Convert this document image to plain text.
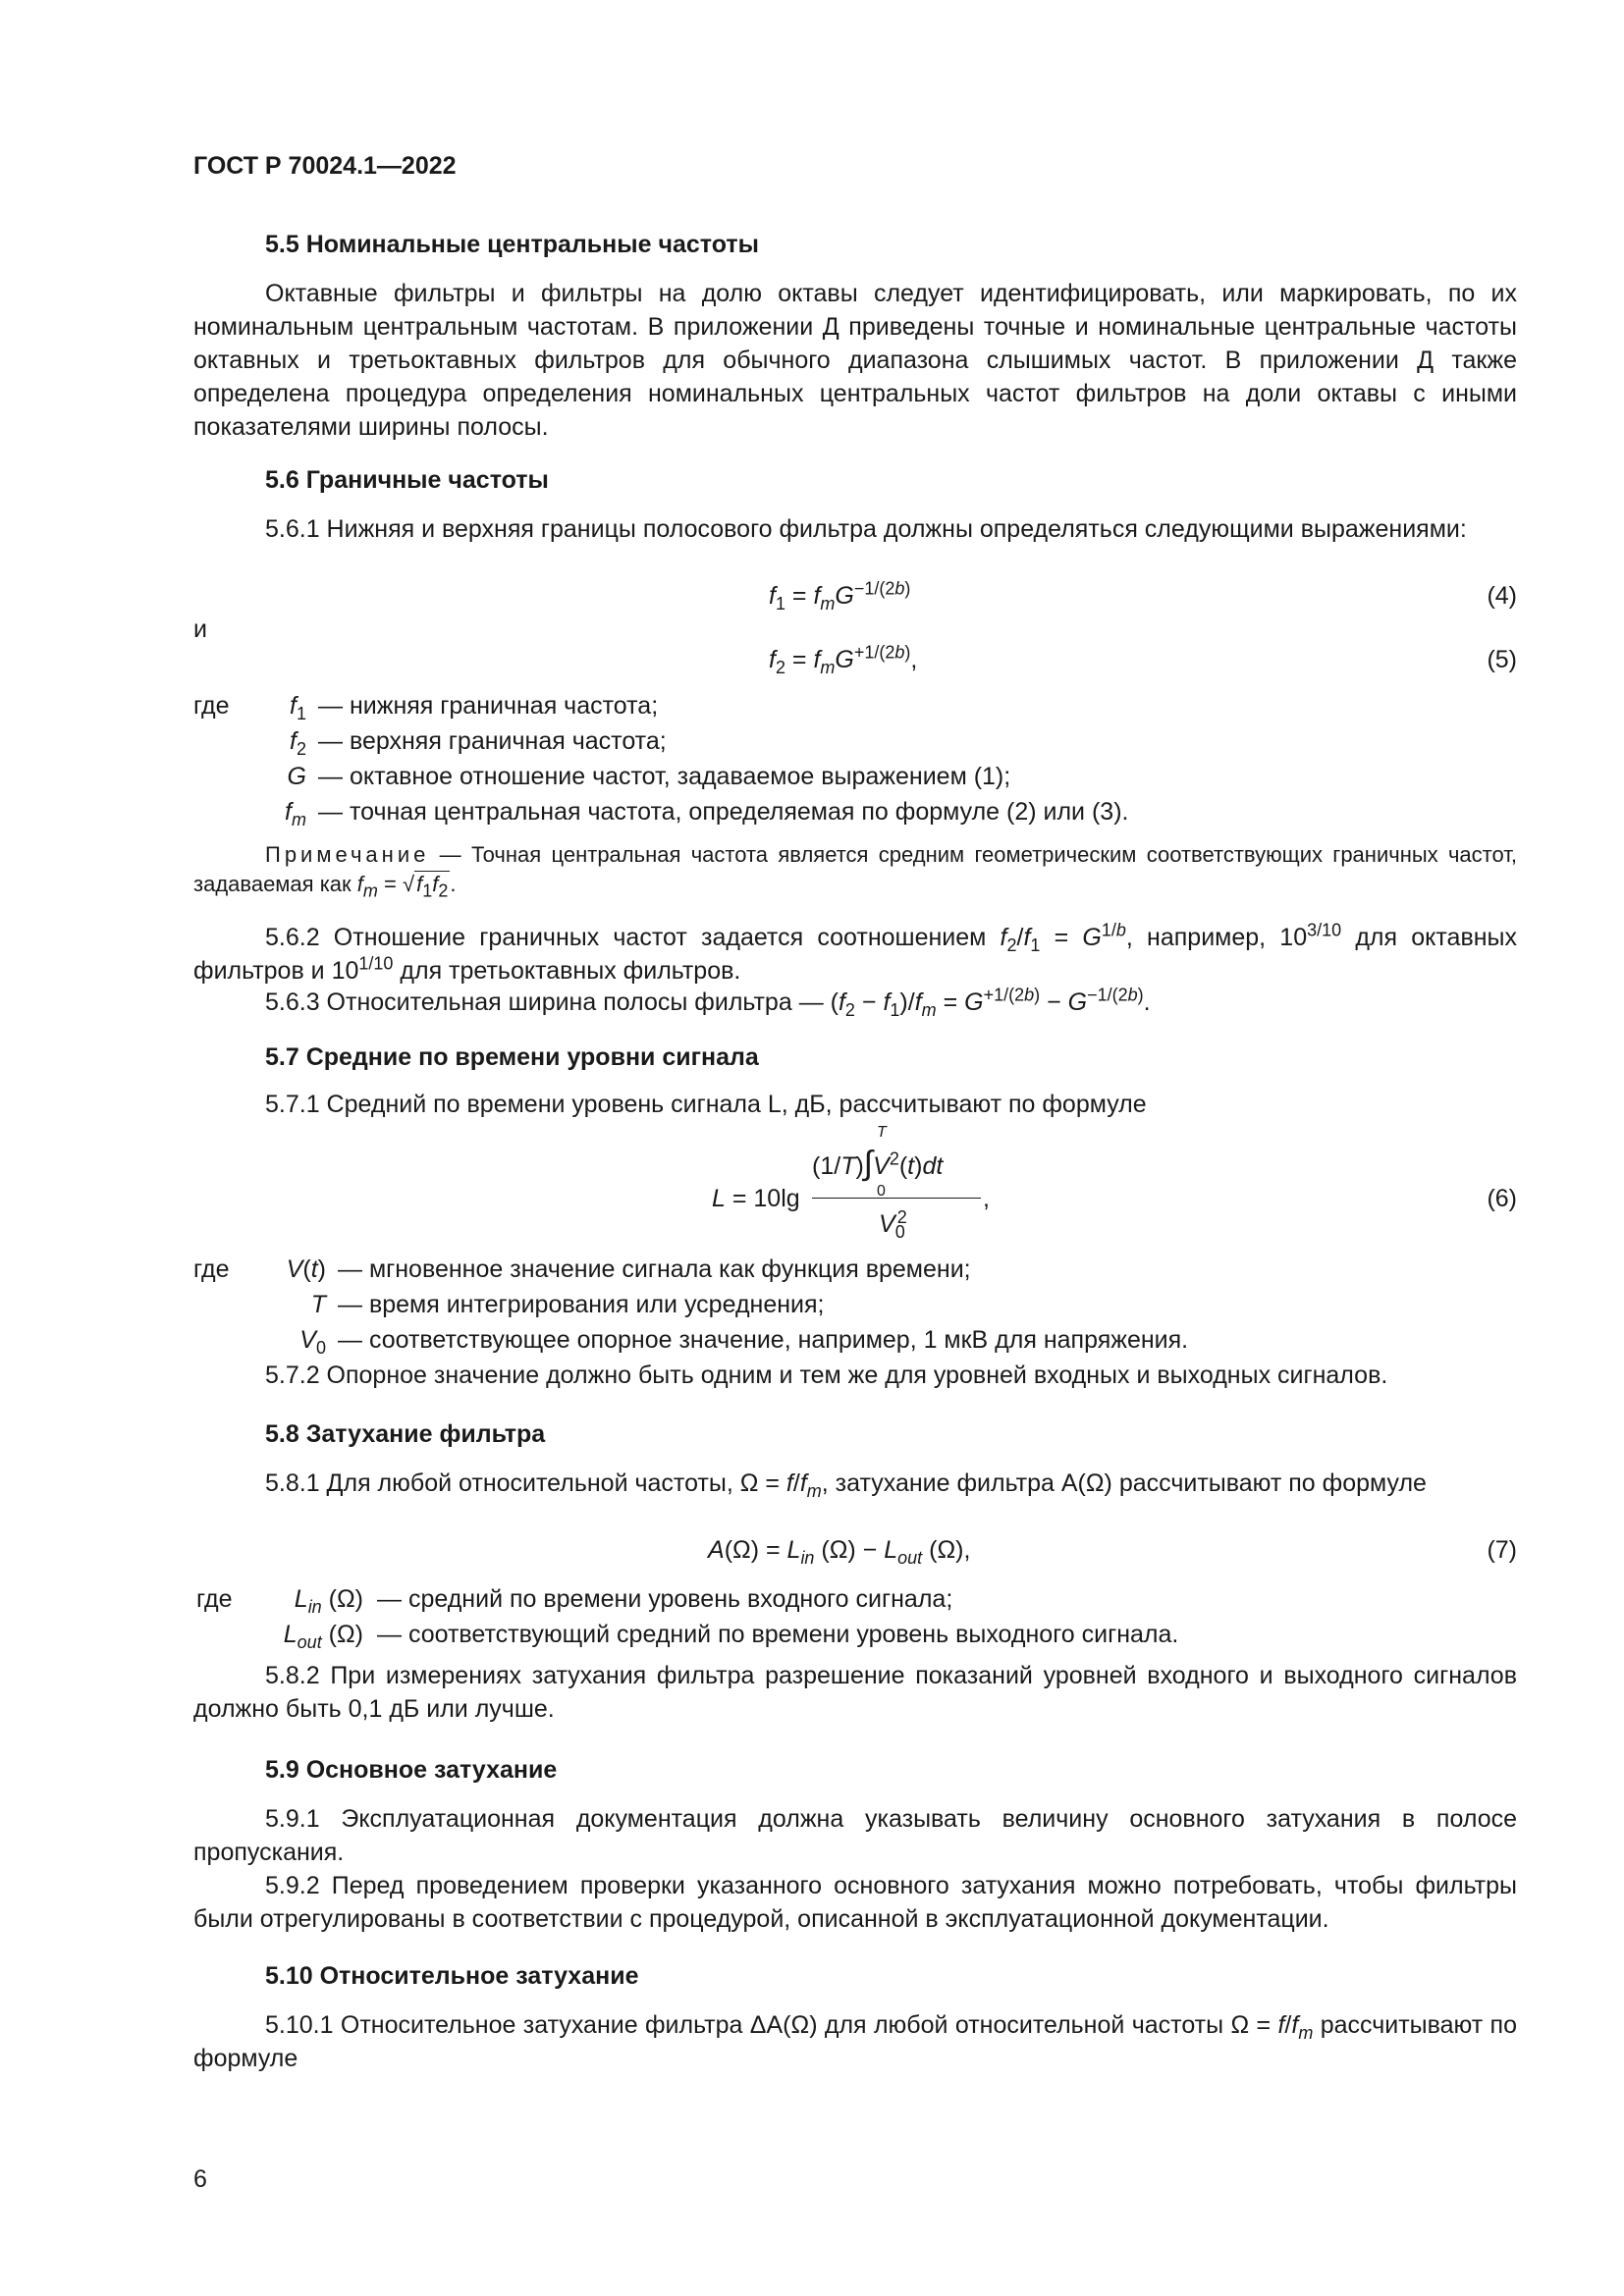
ГОСТ Р 70024.1—2022
5.5 Номинальные центральные частоты
Октавные фильтры и фильтры на долю октавы следует идентифицировать, или маркировать, по их номинальным центральным частотам. В приложении Д приведены точные и номинальные центральные частоты октавных и третьоктавных фильтров для обычного диапазона слышимых частот. В приложении Д также определена процедура определения номинальных центральных частот фильтров на доли октавы с иными показателями ширины полосы.
5.6 Граничные частоты
5.6.1 Нижняя и верхняя границы полосового фильтра должны определяться следующими выражениями:
$f_1 = f_mG^{-1/(2b)}$	(4)
и
$f_2 = f_mG^{+1/(2b)}$,	(5)
где	$f_1$ — нижняя граничная частота;
$f_2$ — верхняя граничная частота;
G — октавное отношение частот, задаваемое выражением (1);
$f_m$ — точная центральная частота, определяемая по формуле (2) или (3).
Примечание — Точная центральная частота является средним геометрическим соответствующих граничных частот, задаваемая как $f_m = √f_1f_2$.
5.6.2 Отношение граничных частот задается соотношением $f_2/f_1 = G^{1/b}$, например, $10^{3/10}$ для октавных фильтров и $10^{1/10}$ для третьоктавных фильтров.
5.6.3 Относительная ширина полосы фильтра — $(f_2 - f_1)/f_m = G^{+1/(2b)} - G^{-1/(2b)}$.
5.7 Средние по времени уровни сигнала
5.7.1 Средний по времени уровень сигнала L, дБ, рассчитывают по формуле
L = 10lg
$(1/T)\int V^2(t)dt$
T
0
$V_0^2$
,	(6)
где	V(t) — мгновенное значение сигнала как функция времени;
T — время интегрирования или усреднения;
$V_0$ — соответствующее опорное значение, например, 1 мкВ для напряжения.
5.7.2 Опорное значение должно быть одним и тем же для уровней входных и выходных сигналов.
5.8 Затухание фильтра
5.8.1 Для любой относительной частоты, $\Omega = f/f_m$, затухание фильтра A(Ω) рассчитывают по формуле
$A(\Omega) = L_{in}$ $(\Omega) - L_{out}$ (Ω),	(7)
где	$L_{in}$ (Ω) — средний по времени уровень входного сигнала;
$L_{out}$ (Ω) — соответствующий средний по времени уровень выходного сигнала.
5.8.2 При измерениях затухания фильтра разрешение показаний уровней входного и выходного сигналов должно быть 0,1 дБ или лучше.
5.9 Основное затухание
5.9.1 Эксплуатационная документация должна указывать величину основного затухания в полосе пропускания.
5.9.2 Перед проведением проверки указанного основного затухания можно потребовать, чтобы фильтры были отрегулированы в соответствии с процедурой, описанной в эксплуатационной документации.
5.10 Относительное затухание
5.10.1 Относительное затухание фильтра ΔA(Ω) для любой относительной частоты $\Omega = f/f_m$ рассчитывают по формуле
6
